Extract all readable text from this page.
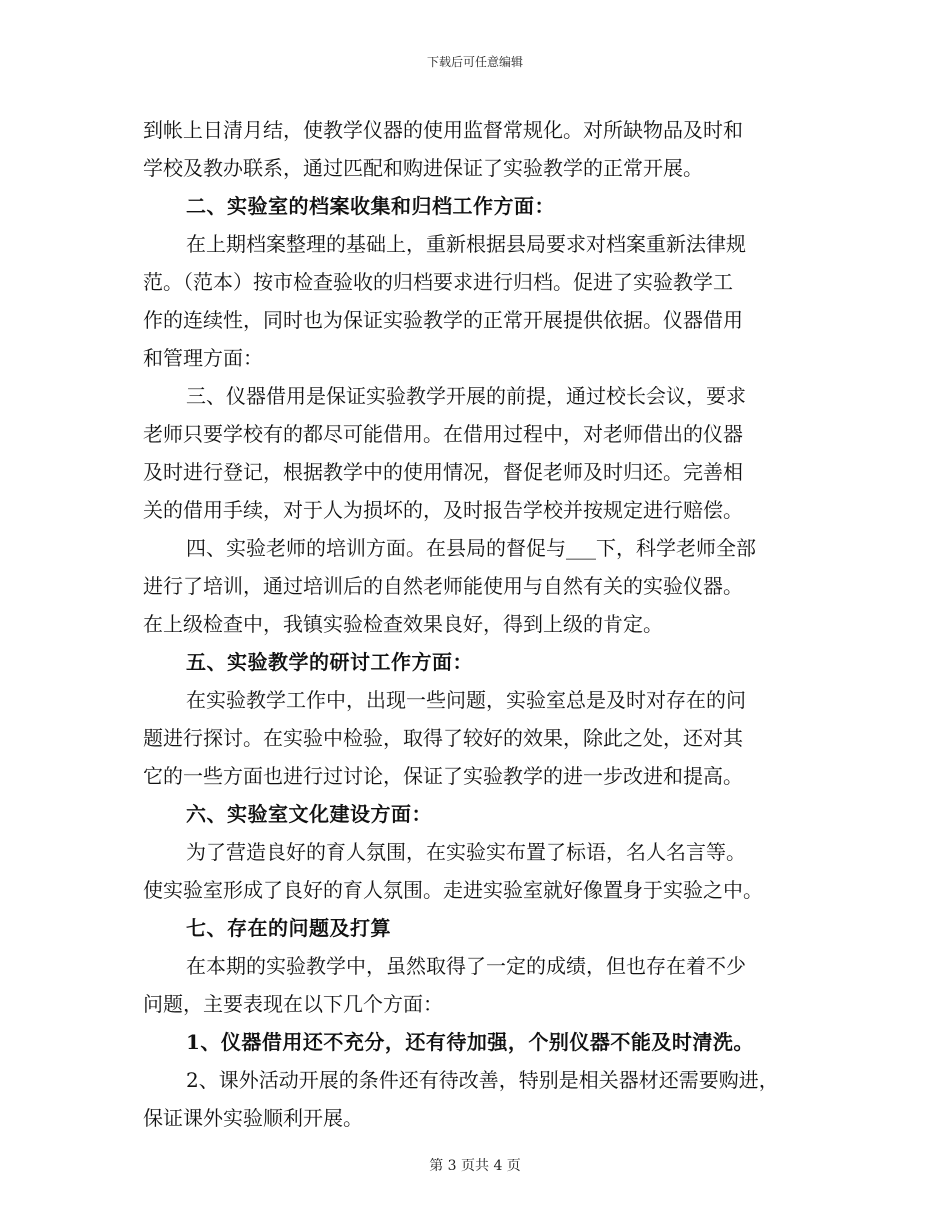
下载后可任意编辑
到帐上日清月结，使教学仪器的使用监督常规化。对所缺物品及时和
学校及教办联系，通过匹配和购进保证了实验教学的正常开展。
二、实验室的档案收集和归档工作方面：
在上期档案整理的基础上，重新根据县局要求对档案重新法律规
范。（范本）按市检查验收的归档要求进行归档。促进了实验教学工
作的连续性，同时也为保证实验教学的正常开展提供依据。仪器借用
和管理方面：
三、仪器借用是保证实验教学开展的前提，通过校长会议，要求
老师只要学校有的都尽可能借用。在借用过程中，对老师借出的仪器
及时进行登记，根据教学中的使用情况，督促老师及时归还。完善相
关的借用手续，对于人为损坏的，及时报告学校并按规定进行赔偿。
四、实验老师的培训方面。在县局的督促与___下，科学老师全部
进行了培训，通过培训后的自然老师能使用与自然有关的实验仪器。
在上级检查中，我镇实验检查效果良好，得到上级的肯定。
五、实验教学的研讨工作方面：
在实验教学工作中，出现一些问题，实验室总是及时对存在的问
题进行探讨。在实验中检验，取得了较好的效果，除此之处，还对其
它的一些方面也进行过讨论，保证了实验教学的进一步改进和提高。
六、实验室文化建设方面：
为了营造良好的育人氛围，在实验实布置了标语，名人名言等。
使实验室形成了良好的育人氛围。走进实验室就好像置身于实验之中。
七、存在的问题及打算
在本期的实验教学中，虽然取得了一定的成绩，但也存在着不少
问题，主要表现在以下几个方面：
1、仪器借用还不充分，还有待加强，个别仪器不能及时清洗。
2、课外活动开展的条件还有待改善，特别是相关器材还需要购进，
保证课外实验顺利开展。
第 3 页共 4 页
